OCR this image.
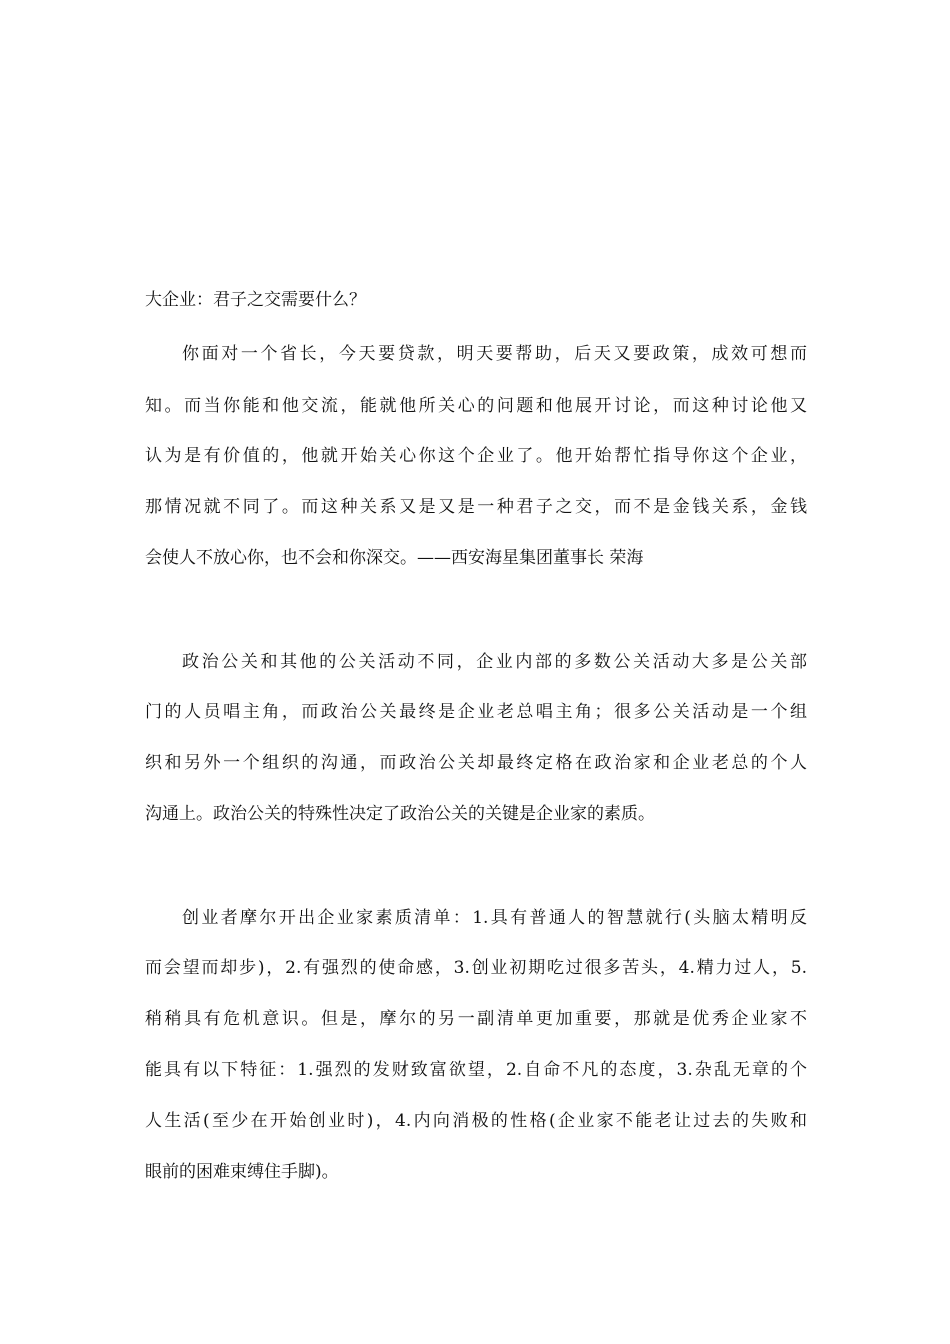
大企业：君子之交需要什么？
你面对一个省长，今天要贷款，明天要帮助，后天又要政策，成效可想而
知。而当你能和他交流，能就他所关心的问题和他展开讨论，而这种讨论他又
认为是有价值的，他就开始关心你这个企业了。他开始帮忙指导你这个企业，
那情况就不同了。而这种关系又是又是一种君子之交，而不是金钱关系，金钱
会使人不放心你，也不会和你深交。——西安海星集团董事长 荣海
政治公关和其他的公关活动不同，企业内部的多数公关活动大多是公关部
门的人员唱主角，而政治公关最终是企业老总唱主角；很多公关活动是一个组
织和另外一个组织的沟通，而政治公关却最终定格在政治家和企业老总的个人
沟通上。政治公关的特殊性决定了政治公关的关键是企业家的素质。
创业者摩尔开出企业家素质清单：1.具有普通人的智慧就行(头脑太精明反
而会望而却步)，2.有强烈的使命感，3.创业初期吃过很多苦头，4.精力过人，5.
稍稍具有危机意识。但是，摩尔的另一副清单更加重要，那就是优秀企业家不
能具有以下特征：1.强烈的发财致富欲望，2.自命不凡的态度，3.杂乱无章的个
人生活(至少在开始创业时)，4.内向消极的性格(企业家不能老让过去的失败和
眼前的困难束缚住手脚)。
